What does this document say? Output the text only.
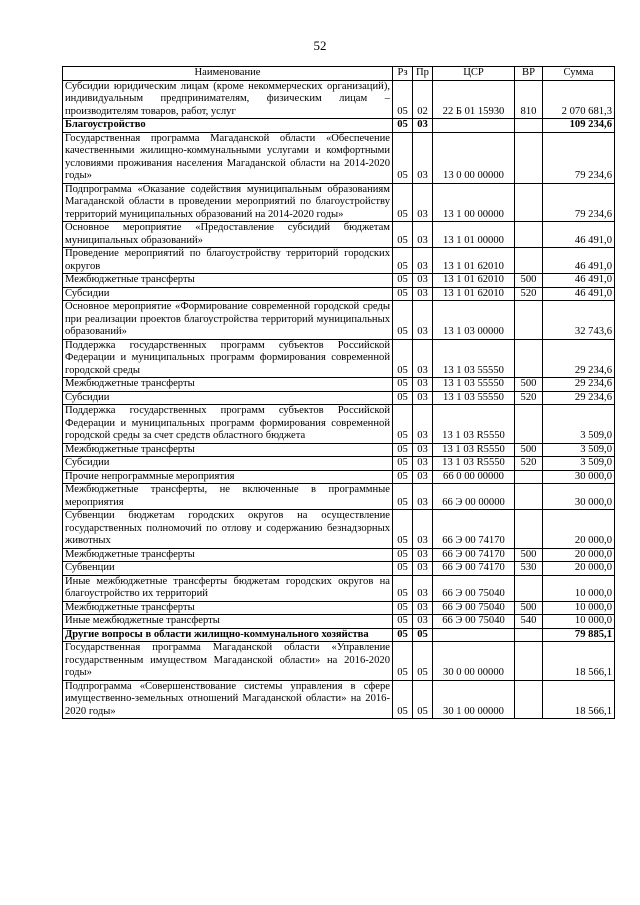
52
Наименование	Рз	Пр	ЦСР	ВР	Сумма
Субсидии юридическим лицам (кроме некоммерческих организаций), индивидуальным предпринимателям, физическим лицам – производителям товаров, работ, услуг	05	02	22 Б 01 15930	810	2 070 681,3
Благоустройство	05	03			109 234,6
Государственная программа Магаданской области «Обеспечение качественными жилищно-коммунальными услугами и комфортными условиями проживания населения Магаданской области на 2014-2020 годы»	05	03	13 0 00 00000		79 234,6
Подпрограмма «Оказание содействия муниципальным образованиям Магаданской области в проведении мероприятий по благоустройству территорий муниципальных образований на 2014-2020 годы»	05	03	13 1 00 00000		79 234,6
Основное мероприятие «Предоставление субсидий бюджетам муниципальных образований»	05	03	13 1 01 00000		46 491,0
Проведение мероприятий по благоустройству территорий городских округов	05	03	13 1 01 62010		46 491,0
Межбюджетные трансферты	05	03	13 1 01 62010	500	46 491,0
Субсидии	05	03	13 1 01 62010	520	46 491,0
Основное мероприятие «Формирование современной городской среды при реализации проектов благоустройства территорий муниципальных образований»	05	03	13 1 03 00000		32 743,6
Поддержка государственных программ субъектов Российской Федерации и муниципальных программ формирования современной городской среды	05	03	13 1 03 55550		29 234,6
Межбюджетные трансферты	05	03	13 1 03 55550	500	29 234,6
Субсидии	05	03	13 1 03 55550	520	29 234,6
Поддержка государственных программ субъектов Российской Федерации и муниципальных программ формирования современной городской среды за счет средств областного бюджета	05	03	13 1 03 R5550		3 509,0
Межбюджетные трансферты	05	03	13 1 03 R5550	500	3 509,0
Субсидии	05	03	13 1 03 R5550	520	3 509,0
Прочие непрограммные мероприятия	05	03	66 0 00 00000		30 000,0
Межбюджетные трансферты, не включенные в программные мероприятия	05	03	66 Э 00 00000		30 000,0
Субвенции бюджетам городских округов на осуществление государственных полномочий по отлову и содержанию безнадзорных животных	05	03	66 Э 00 74170		20 000,0
Межбюджетные трансферты	05	03	66 Э 00 74170	500	20 000,0
Субвенции	05	03	66 Э 00 74170	530	20 000,0
Иные межбюджетные трансферты бюджетам городских округов на благоустройство их территорий	05	03	66 Э 00 75040		10 000,0
Межбюджетные трансферты	05	03	66 Э 00 75040	500	10 000,0
Иные межбюджетные трансферты	05	03	66 Э 00 75040	540	10 000,0
Другие вопросы в области жилищно-коммунального хозяйства	05	05			79 885,1
Государственная программа Магаданской области «Управление государственным имуществом Магаданской области» на 2016-2020 годы»	05	05	30 0 00 00000		18 566,1
Подпрограмма «Совершенствование системы управления в сфере имущественно-земельных отношений Магаданской области» на 2016-2020 годы»	05	05	30 1 00 00000		18 566,1
